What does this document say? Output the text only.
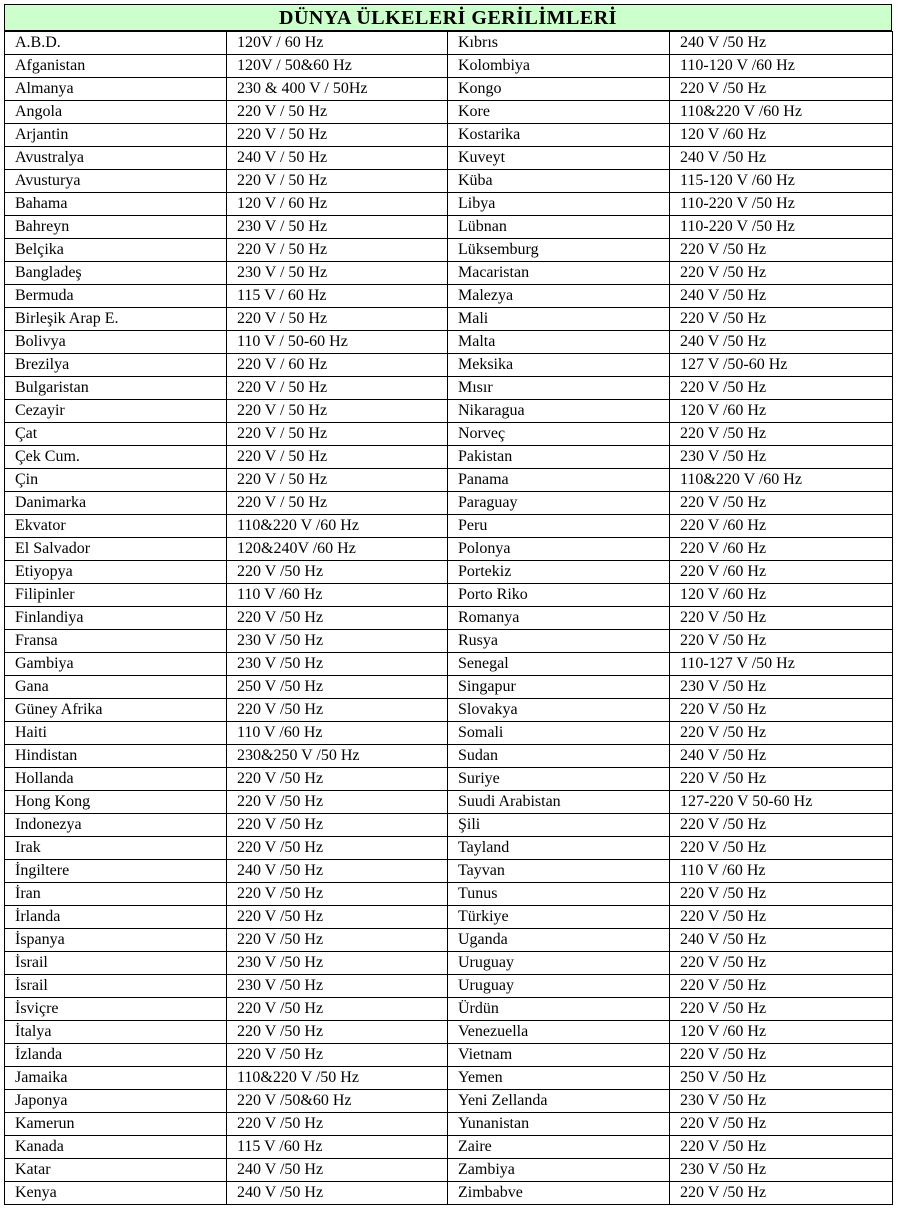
DÜNYA ÜLKELERİ GERİLİMLERİ
A.B.D.	120V / 60 Hz	Kıbrıs	240 V /50 Hz
Afganistan	120V / 50&60 Hz	Kolombiya	110-120 V /60 Hz
Almanya	230 & 400 V / 50Hz	Kongo	220 V /50 Hz
Angola	220 V / 50 Hz	Kore	110&220 V /60 Hz
Arjantin	220 V / 50 Hz	Kostarika	120 V /60 Hz
Avustralya	240 V / 50 Hz	Kuveyt	240 V /50 Hz
Avusturya	220 V / 50 Hz	Küba	115-120 V /60 Hz
Bahama	120 V / 60 Hz	Libya	110-220 V /50 Hz
Bahreyn	230 V / 50 Hz	Lübnan	110-220 V /50 Hz
Belçika	220 V / 50 Hz	Lüksemburg	220 V /50 Hz
Bangladeş	230 V / 50 Hz	Macaristan	220 V /50 Hz
Bermuda	115 V / 60 Hz	Malezya	240 V /50 Hz
Birleşik Arap E.	220 V / 50 Hz	Mali	220 V /50 Hz
Bolivya	110 V / 50-60 Hz	Malta	240 V /50 Hz
Brezilya	220 V / 60 Hz	Meksika	127 V /50-60 Hz
Bulgaristan	220 V / 50 Hz	Mısır	220 V /50 Hz
Cezayir	220 V / 50 Hz	Nikaragua	120 V /60 Hz
Çat	220 V / 50 Hz	Norveç	220 V /50 Hz
Çek Cum.	220 V / 50 Hz	Pakistan	230 V /50 Hz
Çin	220 V / 50 Hz	Panama	110&220 V /60 Hz
Danimarka	220 V / 50 Hz	Paraguay	220 V /50 Hz
Ekvator	110&220 V /60 Hz	Peru	220 V /60 Hz
El Salvador	120&240V /60 Hz	Polonya	220 V /60 Hz
Etiyopya	220 V /50 Hz	Portekiz	220 V /60 Hz
Filipinler	110 V /60 Hz	Porto Riko	120 V /60 Hz
Finlandiya	220 V /50 Hz	Romanya	220 V /50 Hz
Fransa	230 V /50 Hz	Rusya	220 V /50 Hz
Gambiya	230 V /50 Hz	Senegal	110-127 V /50 Hz
Gana	250 V /50 Hz	Singapur	230 V /50 Hz
Güney Afrika	220 V /50 Hz	Slovakya	220 V /50 Hz
Haiti	110 V /60 Hz	Somali	220 V /50 Hz
Hindistan	230&250 V /50 Hz	Sudan	240 V /50 Hz
Hollanda	220 V /50 Hz	Suriye	220 V /50 Hz
Hong Kong	220 V /50 Hz	Suudi Arabistan	127-220 V 50-60 Hz
Indonezya	220 V /50 Hz	Şili	220 V /50 Hz
Irak	220 V /50 Hz	Tayland	220 V /50 Hz
İngiltere	240 V /50 Hz	Tayvan	110 V /60 Hz
İran	220 V /50 Hz	Tunus	220 V /50 Hz
İrlanda	220 V /50 Hz	Türkiye	220 V /50 Hz
İspanya	220 V /50 Hz	Uganda	240 V /50 Hz
İsrail	230 V /50 Hz	Uruguay	220 V /50 Hz
İsrail	230 V /50 Hz	Uruguay	220 V /50 Hz
İsviçre	220 V /50 Hz	Ürdün	220 V /50 Hz
İtalya	220 V /50 Hz	Venezuella	120 V /60 Hz
İzlanda	220 V /50 Hz	Vietnam	220 V /50 Hz
Jamaika	110&220 V /50 Hz	Yemen	250 V /50 Hz
Japonya	220 V /50&60 Hz	Yeni Zellanda	230 V /50 Hz
Kamerun	220 V /50 Hz	Yunanistan	220 V /50 Hz
Kanada	115 V /60 Hz	Zaire	220 V /50 Hz
Katar	240 V /50 Hz	Zambiya	230 V /50 Hz
Kenya	240 V /50 Hz	Zimbabve	220 V /50 Hz
